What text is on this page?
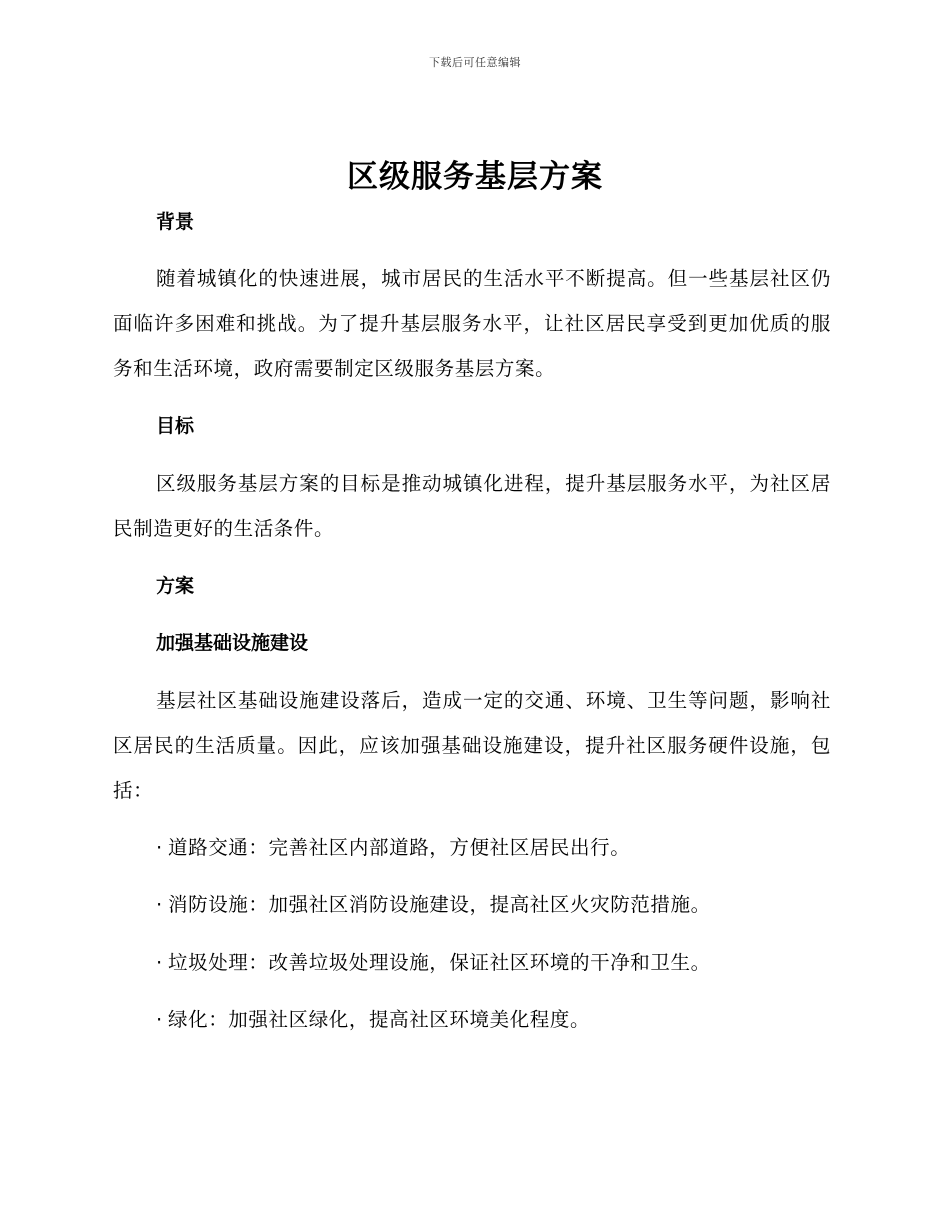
下载后可任意编辑
区级服务基层方案
背景

随着城镇化的快速进展，城市居民的生活水平不断提高。但一些基层社区仍面临许多困难和挑战。为了提升基层服务水平，让社区居民享受到更加优质的服务和生活环境，政府需要制定区级服务基层方案。

目标

区级服务基层方案的目标是推动城镇化进程，提升基层服务水平，为社区居民制造更好的生活条件。

方案
加强基础设施建设

基层社区基础设施建设落后，造成一定的交通、环境、卫生等问题，影响社区居民的生活质量。因此，应该加强基础设施建设，提升社区服务硬件设施，包括：

· 道路交通：完善社区内部道路，方便社区居民出行。

· 消防设施：加强社区消防设施建设，提高社区火灾防范措施。

· 垃圾处理：改善垃圾处理设施，保证社区环境的干净和卫生。

· 绿化：加强社区绿化，提高社区环境美化程度。
